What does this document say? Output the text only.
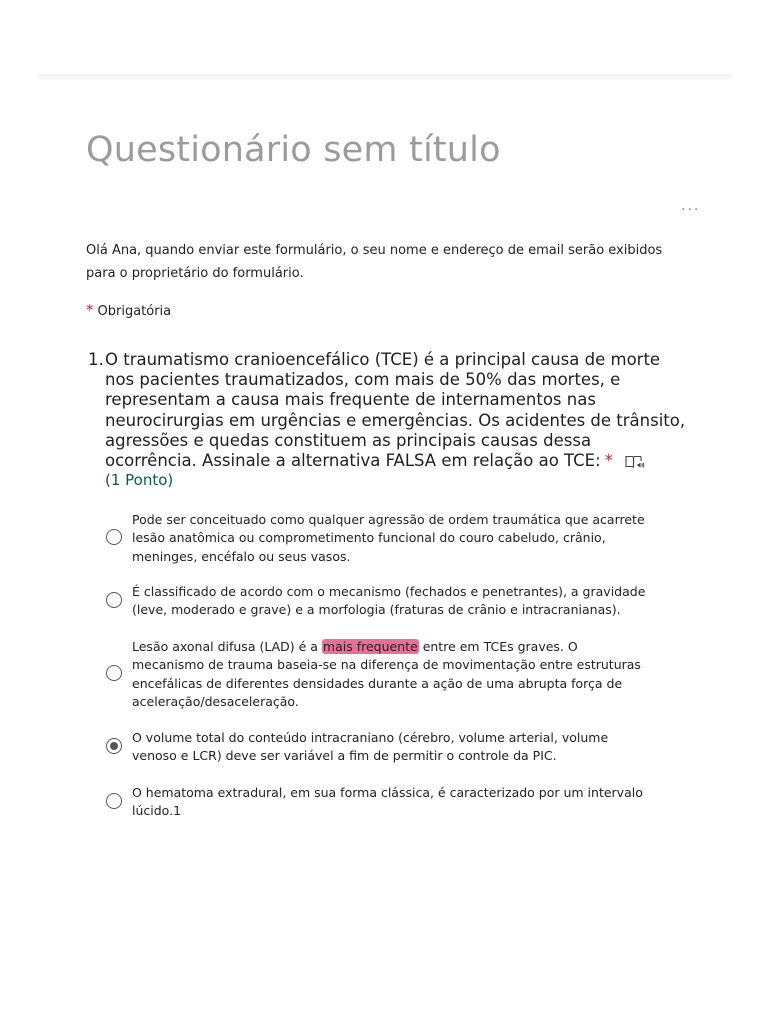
Questionário sem título
...
Olá Ana, quando enviar este formulário, o seu nome e endereço de email serão exibidos para o proprietário do formulário.
* Obrigatória
1. O traumatismo cranioencefálico (TCE) é a principal causa de morte nos pacientes traumatizados, com mais de 50% das mortes, e representam a causa mais frequente de internamentos nas neurocirurgias em urgências e emergências. Os acidentes de trânsito, agressões e quedas constituem as principais causas dessa ocorrência. Assinale a alternativa FALSA em relação ao TCE: *
(1 Ponto)
Pode ser conceituado como qualquer agressão de ordem traumática que acarrete lesão anatômica ou comprometimento funcional do couro cabeludo, crânio, meninges, encéfalo ou seus vasos.
É classificado de acordo com o mecanismo (fechados e penetrantes), a gravidade (leve, moderado e grave) e a morfologia (fraturas de crânio e intracranianas).
Lesão axonal difusa (LAD) é a mais frequente entre em TCEs graves. O mecanismo de trauma baseia-se na diferença de movimentação entre estruturas encefálicas de diferentes densidades durante a ação de uma abrupta força de aceleração/desaceleração.
O volume total do conteúdo intracraniano (cérebro, volume arterial, volume venoso e LCR) deve ser variável a fim de permitir o controle da PIC.
O hematoma extradural, em sua forma clássica, é caracterizado por um intervalo lúcido.1
